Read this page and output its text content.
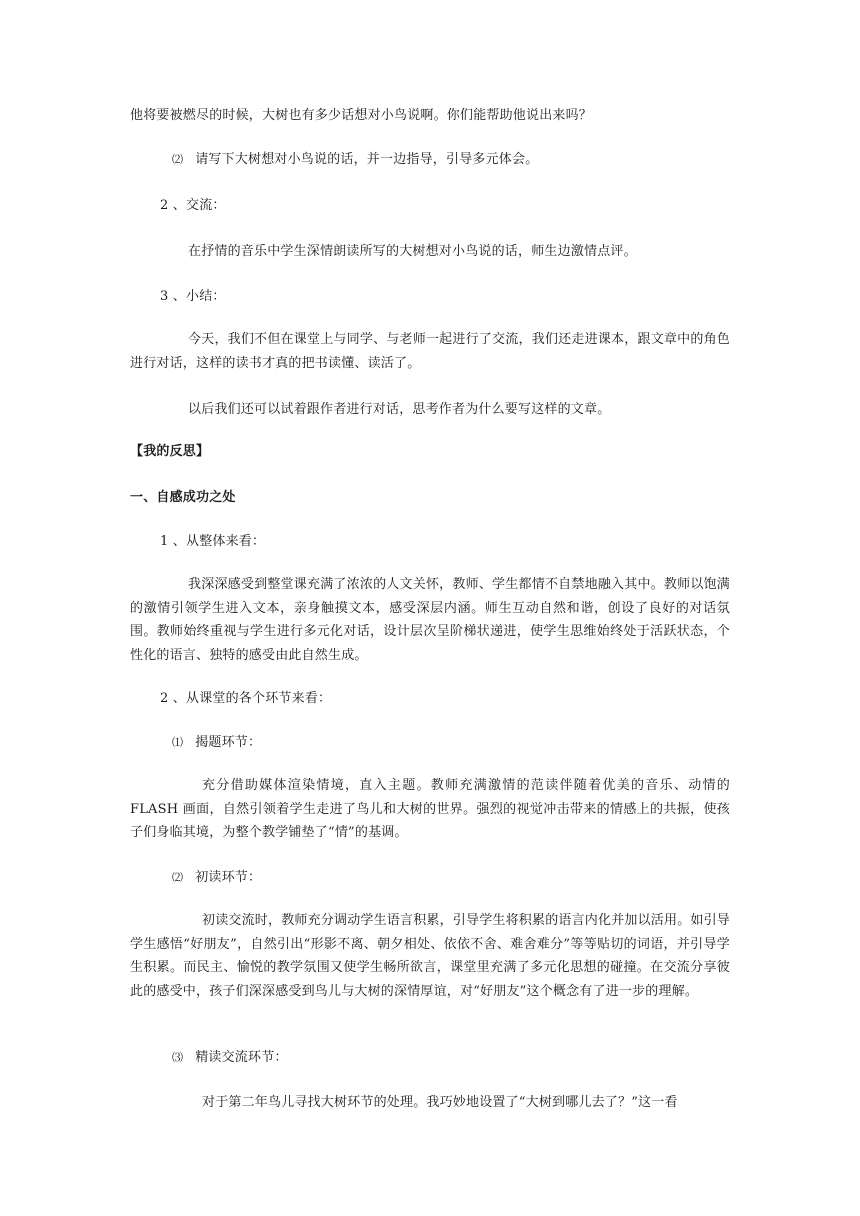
他将要被燃尽的时候，大树也有多少话想对小鸟说啊。你们能帮助他说出来吗？
⑵ 请写下大树想对小鸟说的话，并一边指导，引导多元体会。
2 、交流：
在抒情的音乐中学生深情朗读所写的大树想对小鸟说的话，师生边激情点评。
3 、小结：
今天，我们不但在课堂上与同学、与老师一起进行了交流，我们还走进课本，跟文章中的角色进行对话，这样的读书才真的把书读懂、读活了。
以后我们还可以试着跟作者进行对话，思考作者为什么要写这样的文章。
【我的反思】
一、自感成功之处
1 、从整体来看：
我深深感受到整堂课充满了浓浓的人文关怀，教师、学生都情不自禁地融入其中。教师以饱满的激情引领学生进入文本，亲身触摸文本，感受深层内涵。师生互动自然和谐，创设了良好的对话氛围。教师始终重视与学生进行多元化对话，设计层次呈阶梯状递进，使学生思维始终处于活跃状态，个性化的语言、独特的感受由此自然生成。
2 、从课堂的各个环节来看：
⑴ 揭题环节：
充分借助媒体渲染情境，直入主题。教师充满激情的范读伴随着优美的音乐、动情的FLASH 画面，自然引领着学生走进了鸟儿和大树的世界。强烈的视觉冲击带来的情感上的共振，使孩子们身临其境，为整个教学铺垫了“情”的基调。
⑵ 初读环节：
初读交流时，教师充分调动学生语言积累，引导学生将积累的语言内化并加以活用。如引导学生感悟“好朋友”，自然引出“形影不离、朝夕相处、依依不舍、难舍难分”等等贴切的词语，并引导学生积累。而民主、愉悦的教学氛围又使学生畅所欲言，课堂里充满了多元化思想的碰撞。在交流分享彼此的感受中，孩子们深深感受到鸟儿与大树的深情厚谊，对“好朋友”这个概念有了进一步的理解。
⑶ 精读交流环节：
对于第二年鸟儿寻找大树环节的处理。我巧妙地设置了“大树到哪儿去了？”这一看
